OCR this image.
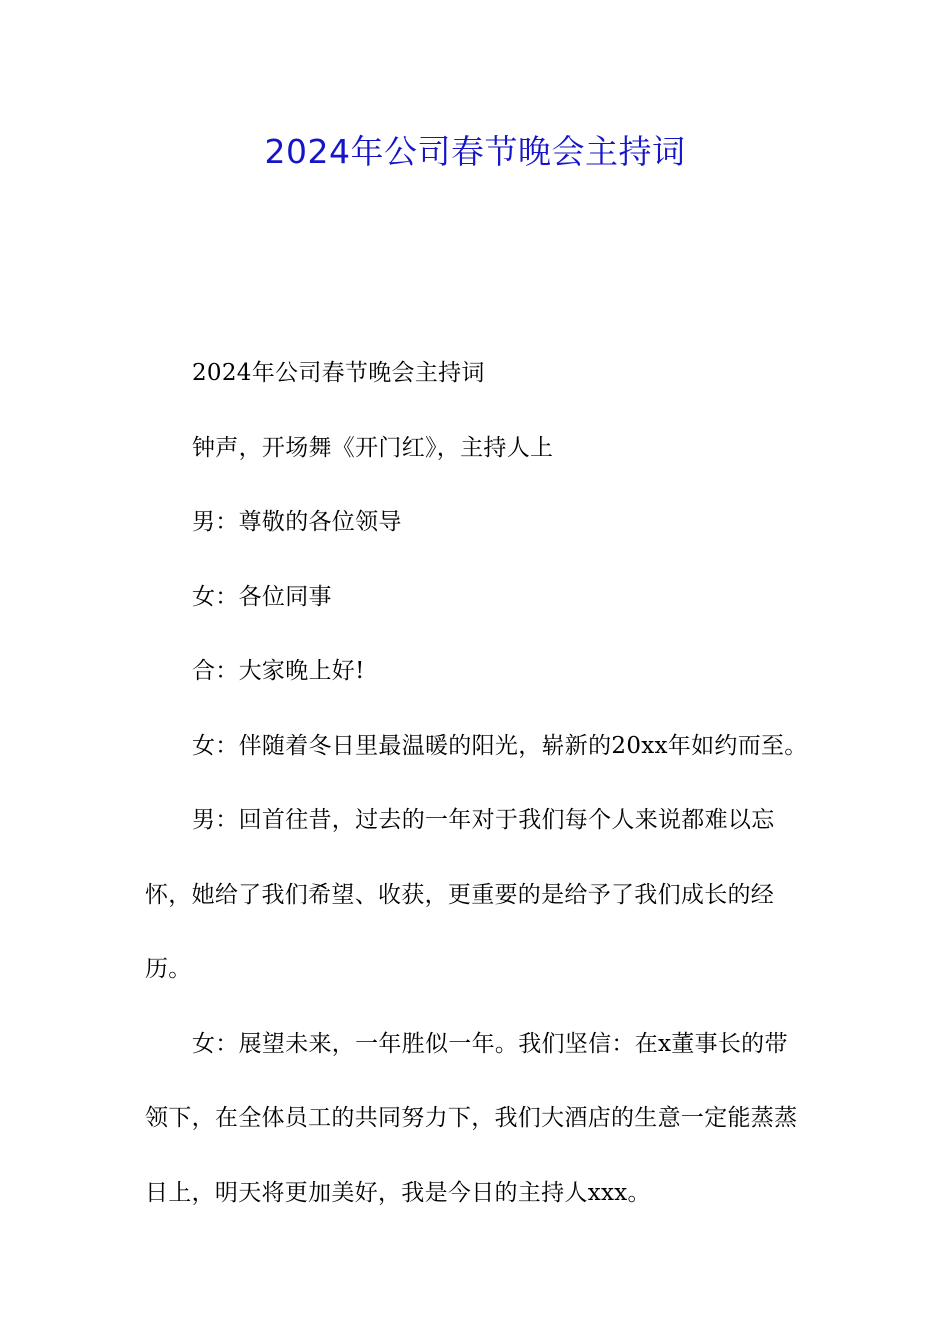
2024年公司春节晚会主持词

2024年公司春节晚会主持词

钟声，开场舞《开门红》，主持人上

男：尊敬的各位领导

女：各位同事

合：大家晚上好!

女：伴随着冬日里最温暖的阳光，崭新的20xx年如约而至。

男：回首往昔，过去的一年对于我们每个人来说都难以忘怀，她给了我们希望、收获，更重要的是给予了我们成长的经历。

女：展望未来，一年胜似一年。我们坚信：在x董事长的带领下，在全体员工的共同努力下，我们大酒店的生意一定能蒸蒸日上，明天将更加美好，我是今日的主持人xxx。
